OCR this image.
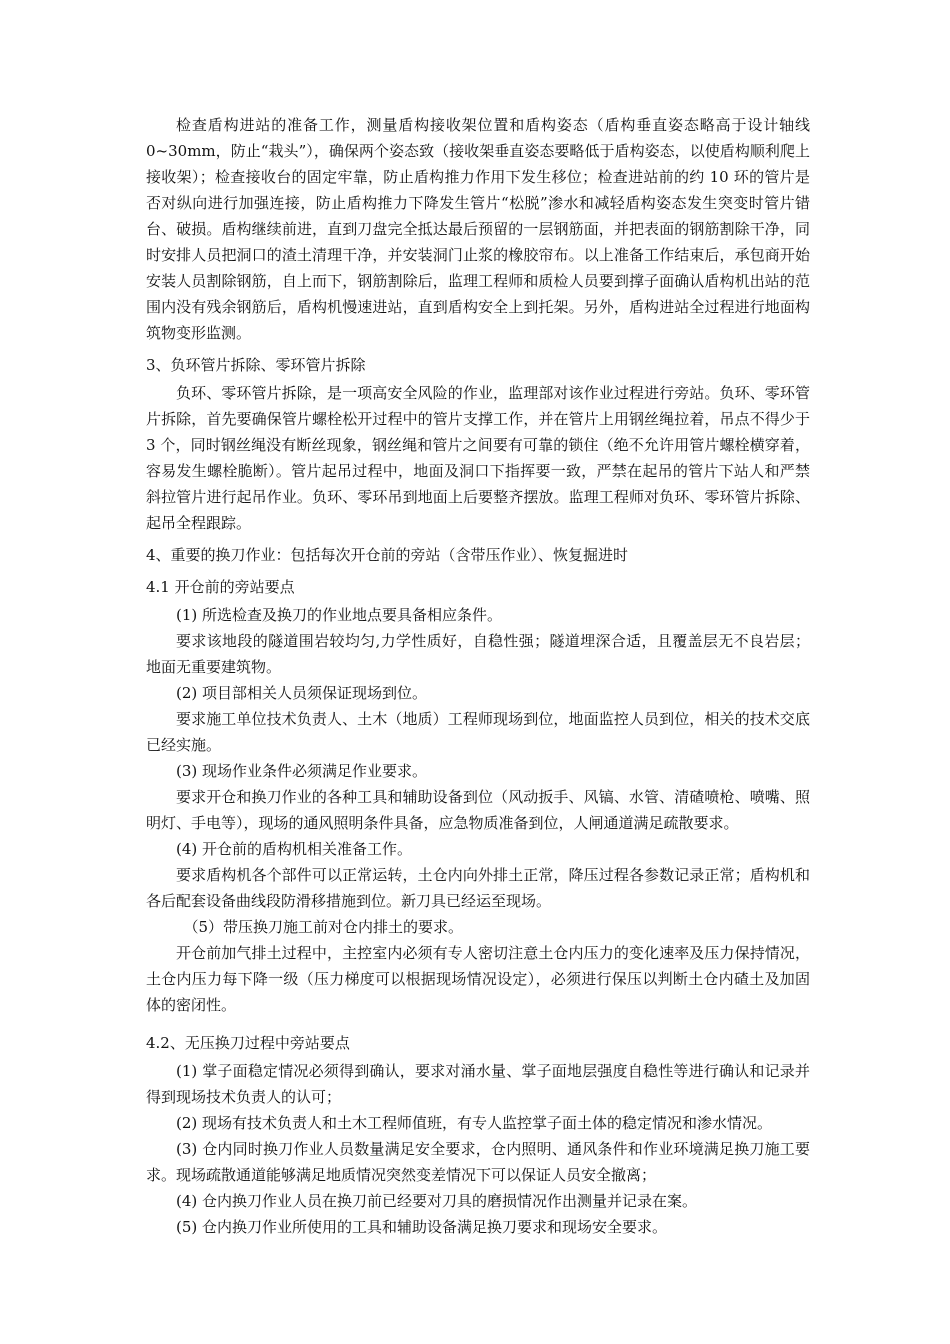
检查盾构进站的准备工作，测量盾构接收架位置和盾构姿态（盾构垂直姿态略高于设计轴线 0~30mm，防止“栽头”），确保两个姿态致（接收架垂直姿态要略低于盾构姿态，以使盾构顺利爬上接收架）；检查接收台的固定牢靠，防止盾构推力作用下发生移位；检查进站前的约 10 环的管片是否对纵向进行加强连接，防止盾构推力下降发生管片“松脱”渗水和减轻盾构姿态发生突变时管片错台、破损。盾构继续前进，直到刀盘完全抵达最后预留的一层钢筋面，并把表面的钢筋割除干净，同时安排人员把洞口的渣土清理干净，并安装洞门止浆的橡胶帘布。以上准备工作结束后，承包商开始安装人员割除钢筋，自上而下，钢筋割除后，监理工程师和质检人员要到撑子面确认盾构机出站的范围内没有残余钢筋后，盾构机慢速进站，直到盾构安全上到托架。另外，盾构进站全过程进行地面构筑物变形监测。

3、负环管片拆除、零环管片拆除

负环、零环管片拆除，是一项高安全风险的作业，监理部对该作业过程进行旁站。负环、零环管片拆除，首先要确保管片螺栓松开过程中的管片支撑工作，并在管片上用钢丝绳拉着，吊点不得少于 3 个，同时钢丝绳没有断丝现象，钢丝绳和管片之间要有可靠的锁住（绝不允许用管片螺栓横穿着，容易发生螺栓脆断）。管片起吊过程中，地面及洞口下指挥要一致，严禁在起吊的管片下站人和严禁斜拉管片进行起吊作业。负环、零环吊到地面上后要整齐摆放。监理工程师对负环、零环管片拆除、起吊全程跟踪。

4、重要的换刀作业：包括每次开仓前的旁站（含带压作业）、恢复掘进时

4.1 开仓前的旁站要点

(1) 所选检查及换刀的作业地点要具备相应条件。

要求该地段的隧道围岩较均匀,力学性质好，自稳性强；隧道埋深合适，且覆盖层无不良岩层；地面无重要建筑物。

(2) 项目部相关人员须保证现场到位。

要求施工单位技术负责人、土木（地质）工程师现场到位，地面监控人员到位，相关的技术交底已经实施。

(3) 现场作业条件必须满足作业要求。

要求开仓和换刀作业的各种工具和辅助设备到位（风动扳手、风镐、水管、清碴喷枪、喷嘴、照明灯、手电等），现场的通风照明条件具备，应急物质准备到位，人闸通道满足疏散要求。

(4) 开仓前的盾构机相关准备工作。

要求盾构机各个部件可以正常运转，土仓内向外排土正常，降压过程各参数记录正常；盾构机和各后配套设备曲线段防滑移措施到位。新刀具已经运至现场。

（5）带压换刀施工前对仓内排土的要求。

开仓前加气排土过程中，主控室内必须有专人密切注意土仓内压力的变化速率及压力保持情况，土仓内压力每下降一级（压力梯度可以根据现场情况设定），必须进行保压以判断土仓内碴土及加固体的密闭性。

4.2、无压换刀过程中旁站要点

(1) 掌子面稳定情况必须得到确认，要求对涌水量、掌子面地层强度自稳性等进行确认和记录并得到现场技术负责人的认可；

(2) 现场有技术负责人和土木工程师值班，有专人监控掌子面土体的稳定情况和渗水情况。

(3) 仓内同时换刀作业人员数量满足安全要求，仓内照明、通风条件和作业环境满足换刀施工要求。现场疏散通道能够满足地质情况突然变差情况下可以保证人员安全撤离；

(4) 仓内换刀作业人员在换刀前已经要对刀具的磨损情况作出测量并记录在案。

(5) 仓内换刀作业所使用的工具和辅助设备满足换刀要求和现场安全要求。
